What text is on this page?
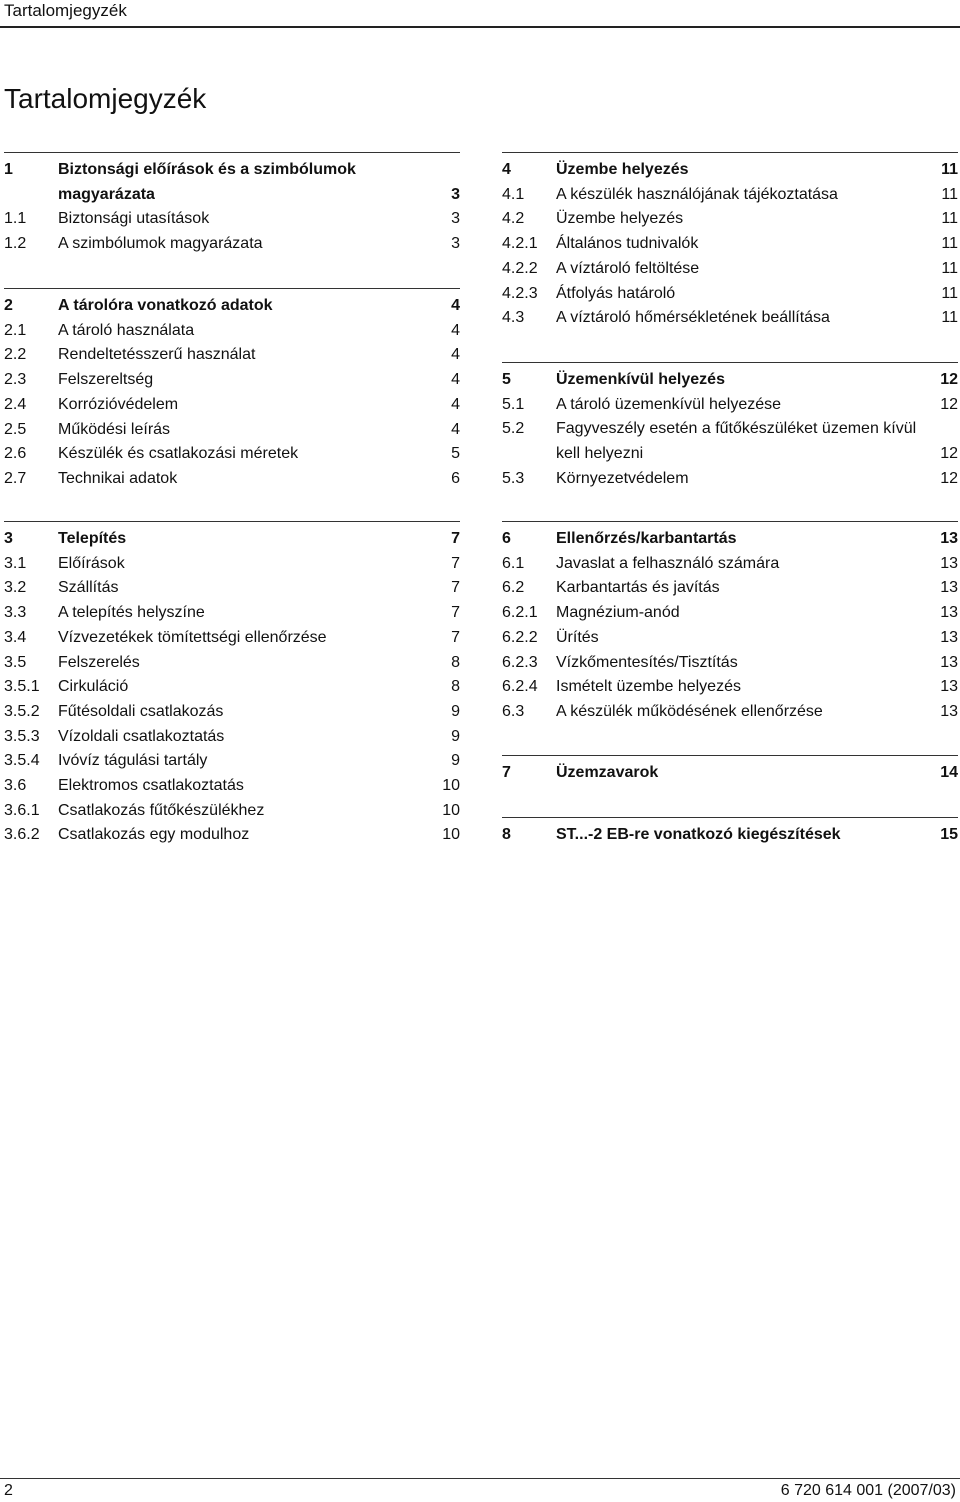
Tartalomjegyzék
Tartalomjegyzék
1	Biztonsági előírások és a szimbólumok magyarázata	3
1.1	Biztonsági utasítások	3
1.2	A szimbólumok magyarázata	3
2	A tárolóra vonatkozó adatok	4
2.1	A tároló használata	4
2.2	Rendeltetésszerű használat	4
2.3	Felszereltség	4
2.4	Korrózióvédelem	4
2.5	Működési leírás	4
2.6	Készülék és csatlakozási méretek	5
2.7	Technikai adatok	6
4	Üzembe helyezés	11
4.1	A készülék használójának tájékoztatása	11
4.2	Üzembe helyezés	11
4.2.1	Általános tudnivalók	11
4.2.2	A víztároló feltöltése	11
4.2.3	Átfolyás határoló	11
4.3	A víztároló hőmérsékletének beállítása	11
5	Üzemenkívül helyezés	12
5.1	A tároló üzemenkívül helyezése	12
5.2	Fagyveszély esetén a fűtőkészüléket üzemen kívül kell helyezni	12
5.3	Környezetvédelem	12
3	Telepítés	7
3.1	Előírások	7
3.2	Szállítás	7
3.3	A telepítés helyszíne	7
3.4	Vízvezetékek tömítettségi ellenőrzése	7
3.5	Felszerelés	8
3.5.1	Cirkuláció	8
3.5.2	Fűtésoldali csatlakozás	9
3.5.3	Vízoldali csatlakoztatás	9
3.5.4	Ivóvíz tágulási tartály	9
3.6	Elektromos csatlakoztatás	10
3.6.1	Csatlakozás fűtőkészülékhez	10
3.6.2	Csatlakozás egy modulhoz	10
6	Ellenőrzés/karbantartás	13
6.1	Javaslat a felhasználó számára	13
6.2	Karbantartás és javítás	13
6.2.1	Magnézium-anód	13
6.2.2	Ürítés	13
6.2.3	Vízkőmentesítés/Tisztítás	13
6.2.4	Ismételt üzembe helyezés	13
6.3	A készülék működésének ellenőrzése	13
7	Üzemzavarok	14
8	ST...-2 EB-re vonatkozó kiegészítések	15
2	6 720 614 001 (2007/03)
